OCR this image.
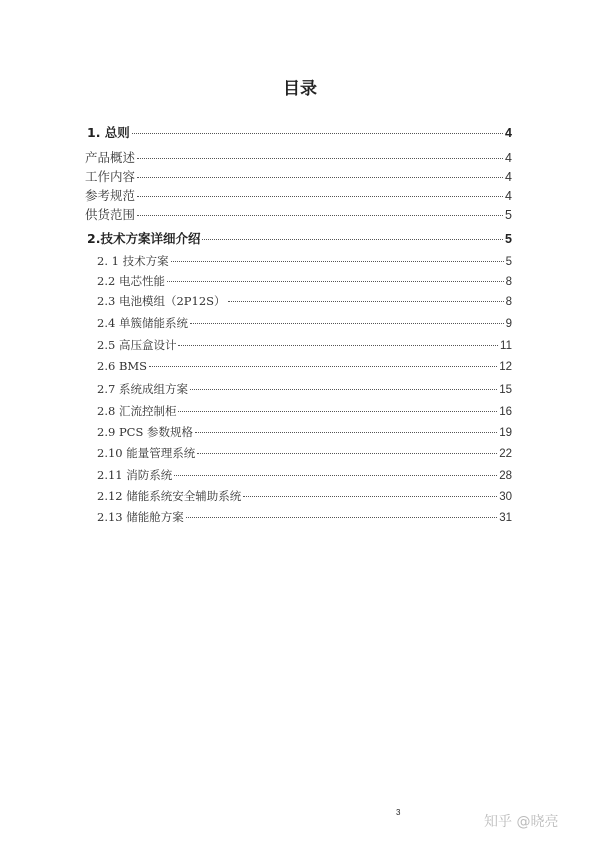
目录
1. 总则	4
产品概述	4
工作内容	4
参考规范	4
供货范围	5
2.技术方案详细介绍	5
2. 1 技术方案	5
2.2 电芯性能	8
2.3 电池模组（2P12S）	8
2.4 单簇储能系统	9
2.5 高压盒设计	11
2.6 BMS	12
2.7 系统成组方案	15
2.8 汇流控制柜	16
2.9 PCS 参数规格	19
2.10 能量管理系统	22
2.11 消防系统	28
2.12 储能系统安全辅助系统	30
2.13 储能舱方案	31
3
知乎 @晓亮
